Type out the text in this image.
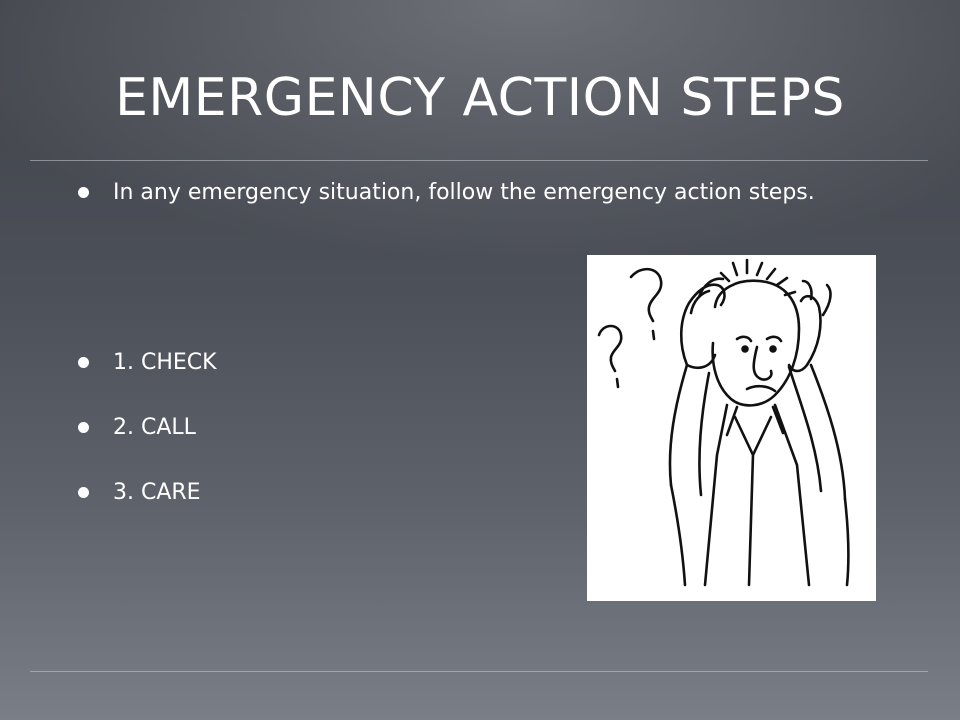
EMERGENCY ACTION STEPS
In any emergency situation, follow the emergency action steps.
1. CHECK
2. CALL
3. CARE
